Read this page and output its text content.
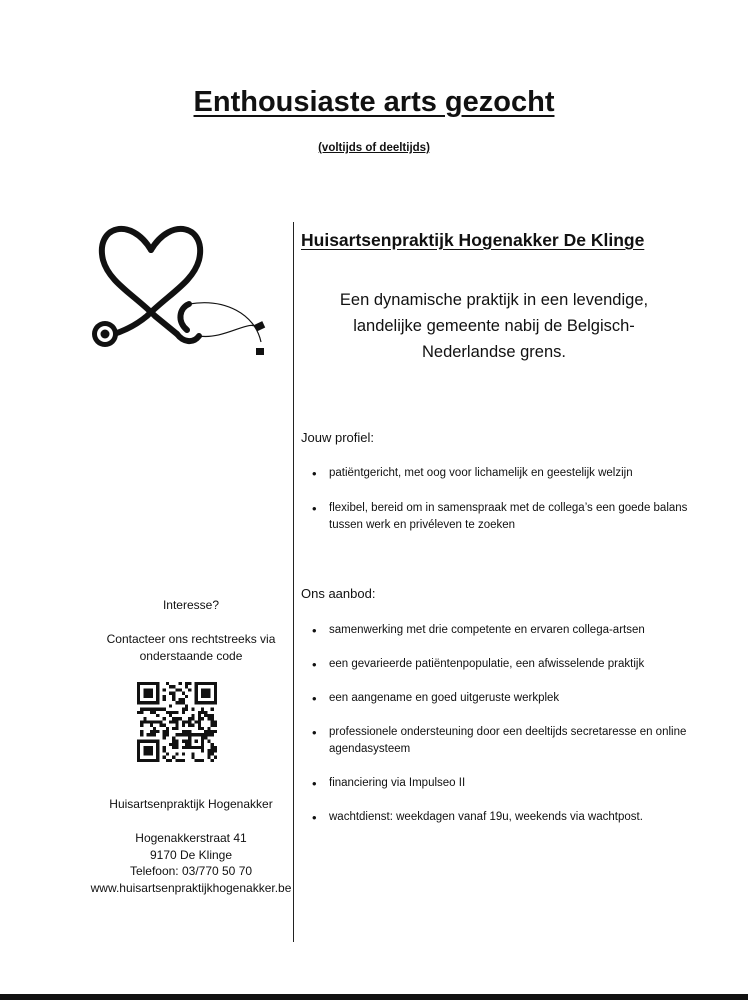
Enthousiaste arts gezocht
(voltijds of deeltijds)
Huisartsenpraktijk Hogenakker De Klinge
Een dynamische praktijk in een levendige,
landelijke gemeente nabij de Belgisch-
Nederlandse grens.
Jouw profiel:
• patiëntgericht, met oog voor lichamelijk en geestelijk welzijn
• flexibel, bereid om in samenspraak met de collega’s een goede balans tussen werk en privéleven te zoeken
Ons aanbod:
• samenwerking met drie competente en ervaren collega-artsen
• een gevarieerde patiëntenpopulatie, een afwisselende praktijk
• een aangename en goed uitgeruste werkplek
• professionele ondersteuning door een deeltijds secretaresse en online agendasysteem
• financiering via Impulseo II
• wachtdienst: weekdagen vanaf 19u, weekends via wachtpost.
Interesse?
Contacteer ons rechtstreeks via
onderstaande code
Huisartsenpraktijk Hogenakker
Hogenakkerstraat 41
9170 De Klinge
Telefoon: 03/770 50 70
www.huisartsenpraktijkhogenakker.be
